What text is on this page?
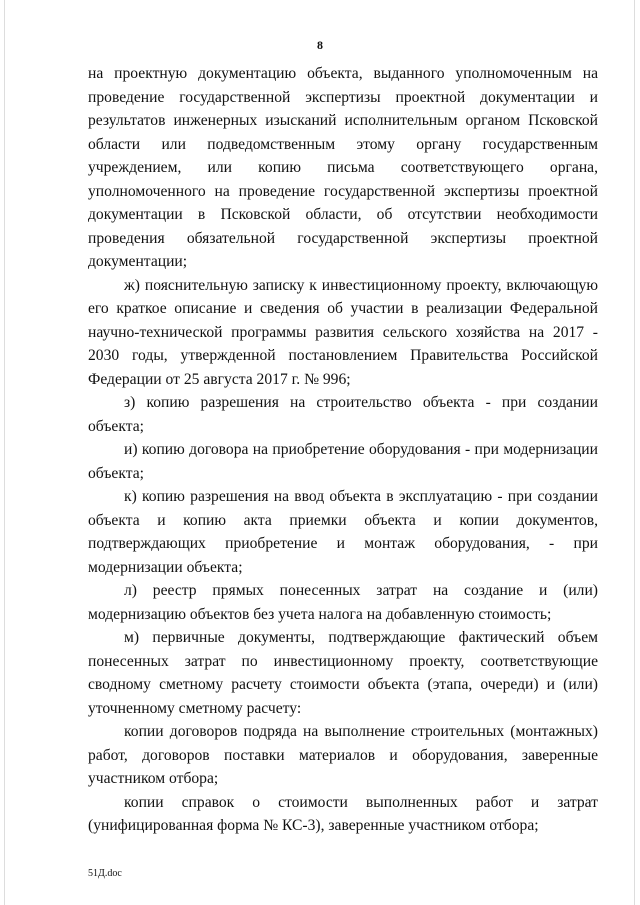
8

на проектную документацию объекта, выданного уполномоченным на проведение государственной экспертизы проектной документации и результатов инженерных изысканий исполнительным органом Псковской области или подведомственным этому органу государственным учреждением, или копию письма соответствующего органа, уполномоченного на проведение государственной экспертизы проектной документации в Псковской области, об отсутствии необходимости проведения обязательной государственной экспертизы проектной документации;

ж) пояснительную записку к инвестиционному проекту, включающую его краткое описание и сведения об участии в реализации Федеральной научно-технической программы развития сельского хозяйства на 2017 - 2030 годы, утвержденной постановлением Правительства Российской Федерации от 25 августа 2017 г. № 996;

з) копию разрешения на строительство объекта - при создании объекта;

и) копию договора на приобретение оборудования - при модернизации объекта;

к) копию разрешения на ввод объекта в эксплуатацию - при создании объекта и копию акта приемки объекта и копии документов, подтверждающих приобретение и монтаж оборудования, - при модернизации объекта;

л) реестр прямых понесенных затрат на создание и (или) модернизацию объектов без учета налога на добавленную стоимость;

м) первичные документы, подтверждающие фактический объем понесенных затрат по инвестиционному проекту, соответствующие сводному сметному расчету стоимости объекта (этапа, очереди) и (или) уточненному сметному расчету:

копии договоров подряда на выполнение строительных (монтажных) работ, договоров поставки материалов и оборудования, заверенные участником отбора;

копии справок о стоимости выполненных работ и затрат (унифицированная форма № КС-3), заверенные участником отбора;

51Д.doc
